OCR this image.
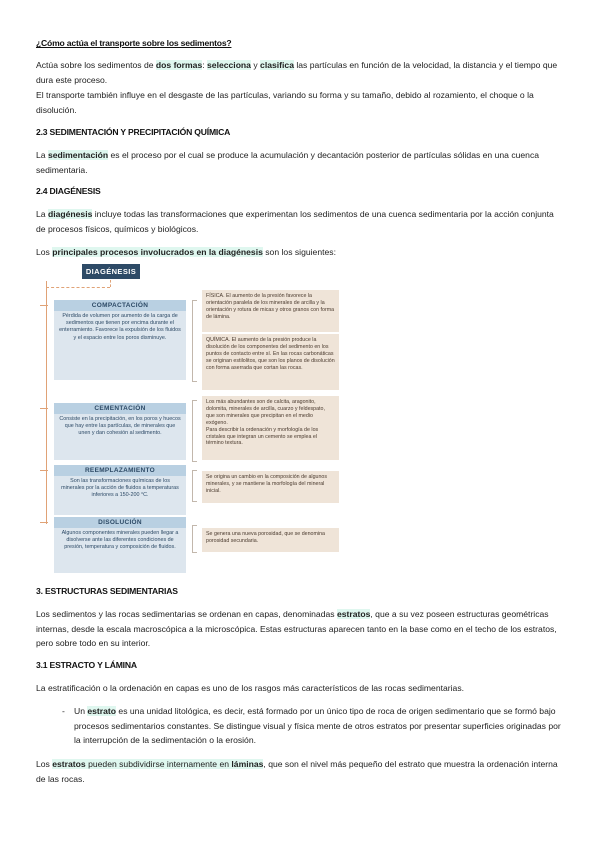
¿Cómo actúa el transporte sobre los sedimentos?
Actúa sobre los sedimentos de dos formas: selecciona y clasifica las partículas en función de la velocidad, la distancia y el tiempo que dura este proceso.
El transporte también influye en el desgaste de las partículas, variando su forma y su tamaño, debido al rozamiento, el choque o la disolución.
2.3 SEDIMENTACIÓN Y PRECIPITACIÓN QUÍMICA
La sedimentación es el proceso por el cual se produce la acumulación y decantación posterior de partículas sólidas en una cuenca sedimentaria.
2.4 DIAGÉNESIS
La diagénesis incluye todas las transformaciones que experimentan los sedimentos de una cuenca sedimentaria por la acción conjunta de procesos físicos, químicos y biológicos.
Los principales procesos involucrados en la diagénesis son los siguientes:
DIAGÉNESIS
COMPACTACIÓN
Pérdida de volumen por aumento de la carga de sedimentos que tienen por encima durante el enterramiento. Favorece la expulsión de los fluidos y el espacio entre los poros disminuye.
FÍSICA. El aumento de la presión favorece la orientación paralela de los minerales de arcilla y la orientación y rotura de micas y otros granos con forma de lámina.
QUÍMICA. El aumento de la presión produce la disolución de los componentes del sedimento en los puntos de contacto entre sí. En las rocas carbonáticas se originan estilolitos, que son los planos de disolución con forma aserrada que cortan las rocas.
CEMENTACIÓN
Consiste en la precipitación, en los poros y huecos que hay entre las partículas, de minerales que unen y dan cohesión al sedimento.
Los más abundantes son de calcita, aragonito, dolomita, minerales de arcilla, cuarzo y feldespato, que son minerales que precipitan en el medio exógeno.
Para describir la ordenación y morfología de los cristales que integran un cemento se emplea el término textura.
REEMPLAZAMIENTO
Son las transformaciones químicas de los minerales por la acción de fluidos a temperaturas inferiores a 150-200 °C.
Se origina un cambio en la composición de algunos minerales, y se mantiene la morfología del mineral inicial.
DISOLUCIÓN
Algunos componentes minerales pueden llegar a disolverse ante las diferentes condiciones de presión, temperatura y composición de fluidos.
Se genera una nueva porosidad, que se denomina porosidad secundaria.
3. ESTRUCTURAS SEDIMENTARIAS
Los sedimentos y las rocas sedimentarias se ordenan en capas, denominadas estratos, que a su vez poseen estructuras geométricas internas, desde la escala macroscópica a la microscópica. Estas estructuras aparecen tanto en la base como en el techo de los estratos, pero sobre todo en su interior.
3.1 ESTRACTO Y LÁMINA
La estratificación o la ordenación en capas es uno de los rasgos más característicos de las rocas sedimentarias.
- Un estrato es una unidad litológica, es decir, está formado por un único tipo de roca de origen sedimentario que se formó bajo procesos sedimentarios constantes. Se distingue visual y física mente de otros estratos por presentar superficies originadas por la interrupción de la sedimentación o la erosión.
Los estratos pueden subdividirse internamente en láminas, que son el nivel más pequeño del estrato que muestra la ordenación interna de las rocas.
